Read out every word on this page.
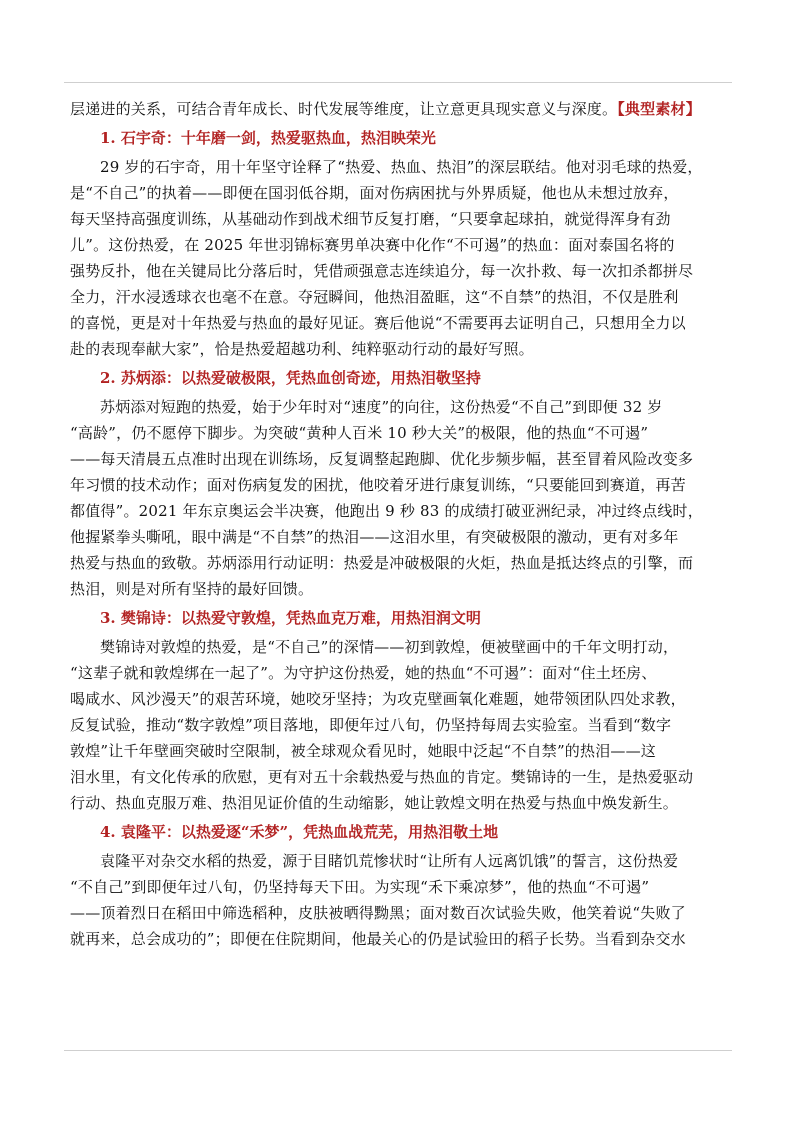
层递进的关系，可结合青年成长、时代发展等维度，让立意更具现实意义与深度。【典型素材】
1. 石宇奇：十年磨一剑，热爱驱热血，热泪映荣光
29 岁的石宇奇，用十年坚守诠释了“热爱、热血、热泪”的深层联结。他对羽毛球的热爱，
是“不自己”的执着——即便在国羽低谷期，面对伤病困扰与外界质疑，他也从未想过放弃，
每天坚持高强度训练，从基础动作到战术细节反复打磨，“只要拿起球拍，就觉得浑身有劲
儿”。这份热爱，在 2025 年世羽锦标赛男单决赛中化作“不可遏”的热血：面对泰国名将的
强势反扑，他在关键局比分落后时，凭借顽强意志连续追分，每一次扑救、每一次扣杀都拼尽
全力，汗水浸透球衣也毫不在意。夺冠瞬间，他热泪盈眶，这“不自禁”的热泪，不仅是胜利
的喜悦，更是对十年热爱与热血的最好见证。赛后他说“不需要再去证明自己，只想用全力以
赴的表现奉献大家”，恰是热爱超越功利、纯粹驱动行动的最好写照。
2. 苏炳添：以热爱破极限，凭热血创奇迹，用热泪敬坚持
苏炳添对短跑的热爱，始于少年时对“速度”的向往，这份热爱“不自己”到即便 32 岁
“高龄”，仍不愿停下脚步。为突破“黄种人百米 10 秒大关”的极限，他的热血“不可遏”
——每天清晨五点准时出现在训练场，反复调整起跑脚、优化步频步幅，甚至冒着风险改变多
年习惯的技术动作；面对伤病复发的困扰，他咬着牙进行康复训练，“只要能回到赛道，再苦
都值得”。2021 年东京奥运会半决赛，他跑出 9 秒 83 的成绩打破亚洲纪录，冲过终点线时，
他握紧拳头嘶吼，眼中满是“不自禁”的热泪——这泪水里，有突破极限的激动，更有对多年
热爱与热血的致敬。苏炳添用行动证明：热爱是冲破极限的火炬，热血是抵达终点的引擎，而
热泪，则是对所有坚持的最好回馈。
3. 樊锦诗：以热爱守敦煌，凭热血克万难，用热泪润文明
樊锦诗对敦煌的热爱，是“不自己”的深情——初到敦煌，便被壁画中的千年文明打动，
“这辈子就和敦煌绑在一起了”。为守护这份热爱，她的热血“不可遏”：面对“住土坯房、
喝咸水、风沙漫天”的艰苦环境，她咬牙坚持；为攻克壁画氧化难题，她带领团队四处求教，
反复试验，推动“数字敦煌”项目落地，即便年过八旬，仍坚持每周去实验室。当看到“数字
敦煌”让千年壁画突破时空限制，被全球观众看见时，她眼中泛起“不自禁”的热泪——这
泪水里，有文化传承的欣慰，更有对五十余载热爱与热血的肯定。樊锦诗的一生，是热爱驱动
行动、热血克服万难、热泪见证价值的生动缩影，她让敦煌文明在热爱与热血中焕发新生。
4. 袁隆平：以热爱逐“禾梦”，凭热血战荒芜，用热泪敬土地
袁隆平对杂交水稻的热爱，源于目睹饥荒惨状时“让所有人远离饥饿”的誓言，这份热爱
“不自己”到即便年过八旬，仍坚持每天下田。为实现“禾下乘凉梦”，他的热血“不可遏”
——顶着烈日在稻田中筛选稻种，皮肤被晒得黝黑；面对数百次试验失败，他笑着说“失败了
就再来，总会成功的”；即便在住院期间，他最关心的仍是试验田的稻子长势。当看到杂交水
